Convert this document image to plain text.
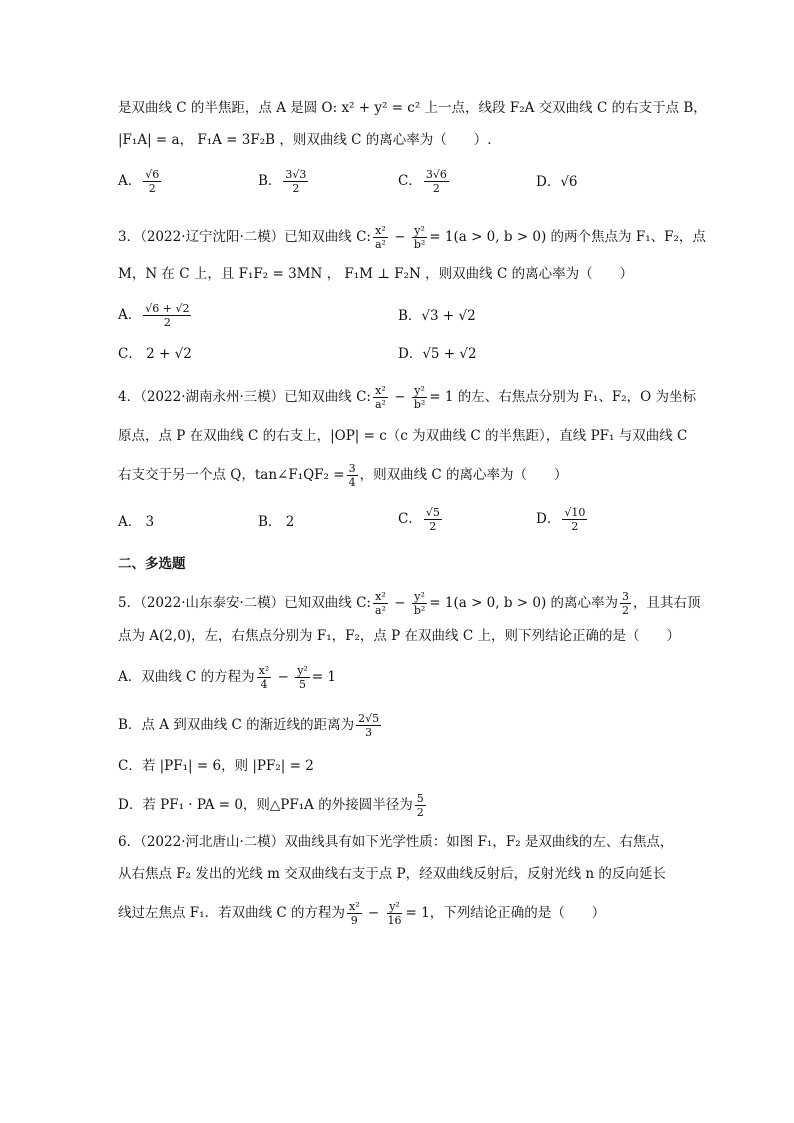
是双曲线 C 的半焦距，点 A 是圆 O: x² + y² = c² 上一点，线段 F₂A 交双曲线 C 的右支于点 B，
|F₁A| = a， F₁A = 3F₂B ，则双曲线 C 的离心率为（　　）.
A． $\frac{√6}{2}$	B． $\frac{3√3}{2}$	C． $\frac{3√6}{2}$	D．√6
3．（2022·辽宁沈阳·二模）已知双曲线 C: $\frac{\text{x²}}{\text{a²}} - \frac{\text{y²}}{\text{b²}} = 1(a > 0$, b > 0) 的两个焦点为 F₁、F₂，点
M，N 在 C 上，且 F₁F₂ = 3MN ， F₁M ⊥ F₂N ，则双曲线 C 的离心率为（　　）
A． $\frac{√6 + √2}{2}$	B．√3 + √2
C． 2 + √2	D．√5 + √2
4．（2022·湖南永州·三模）已知双曲线 C: $\frac{\text{x²}}{\text{a²}} - \frac{\text{y²}}{\text{b²}} = 1$ 的左、右焦点分别为 F₁、F₂，O 为坐标
原点，点 P 在双曲线 C 的右支上，|OP| = c（c 为双曲线 C 的半焦距），直线 PF₁ 与双曲线 C
右支交于另一个点 Q，tan∠F₁QF₂ = $\frac{3}{4}$ ，则双曲线 C 的离心率为（　　）
A． 3	B． 2	C． $\frac{√5}{2}$	D． $\frac{√10}{2}$
二、多选题
5．（2022·山东泰安·二模）已知双曲线 C: $\frac{\text{x²}}{\text{a²}} - \frac{\text{y²}}{\text{b²}} = 1(a > 0$, b > 0) 的离心率为 $\frac{3}{2}$ ，且其右顶
点为 A(2,0)，左，右焦点分别为 F₁，F₂，点 P 在双曲线 C 上，则下列结论正确的是（　　）
A．双曲线 C 的方程为 $\frac{\text{x²}}{4} - \frac{\text{y²}}{5} = 1$
B．点 A 到双曲线 C 的渐近线的距离为 $\frac{2√5}{3}$
C．若 |PF₁| = 6，则 |PF₂| = 2
D．若 PF₁ · PA = 0，则△PF₁A 的外接圆半径为 $\frac{5}{2}$
6．（2022·河北唐山·二模）双曲线具有如下光学性质：如图 F₁，F₂ 是双曲线的左、右焦点，
从右焦点 F₂ 发出的光线 m 交双曲线右支于点 P，经双曲线反射后，反射光线 n 的反向延长
线过左焦点 F₁．若双曲线 C 的方程为 $\frac{\text{x²}}{9} - \frac{\text{y²}}{16} = 1$，下列结论正确的是（　　）
